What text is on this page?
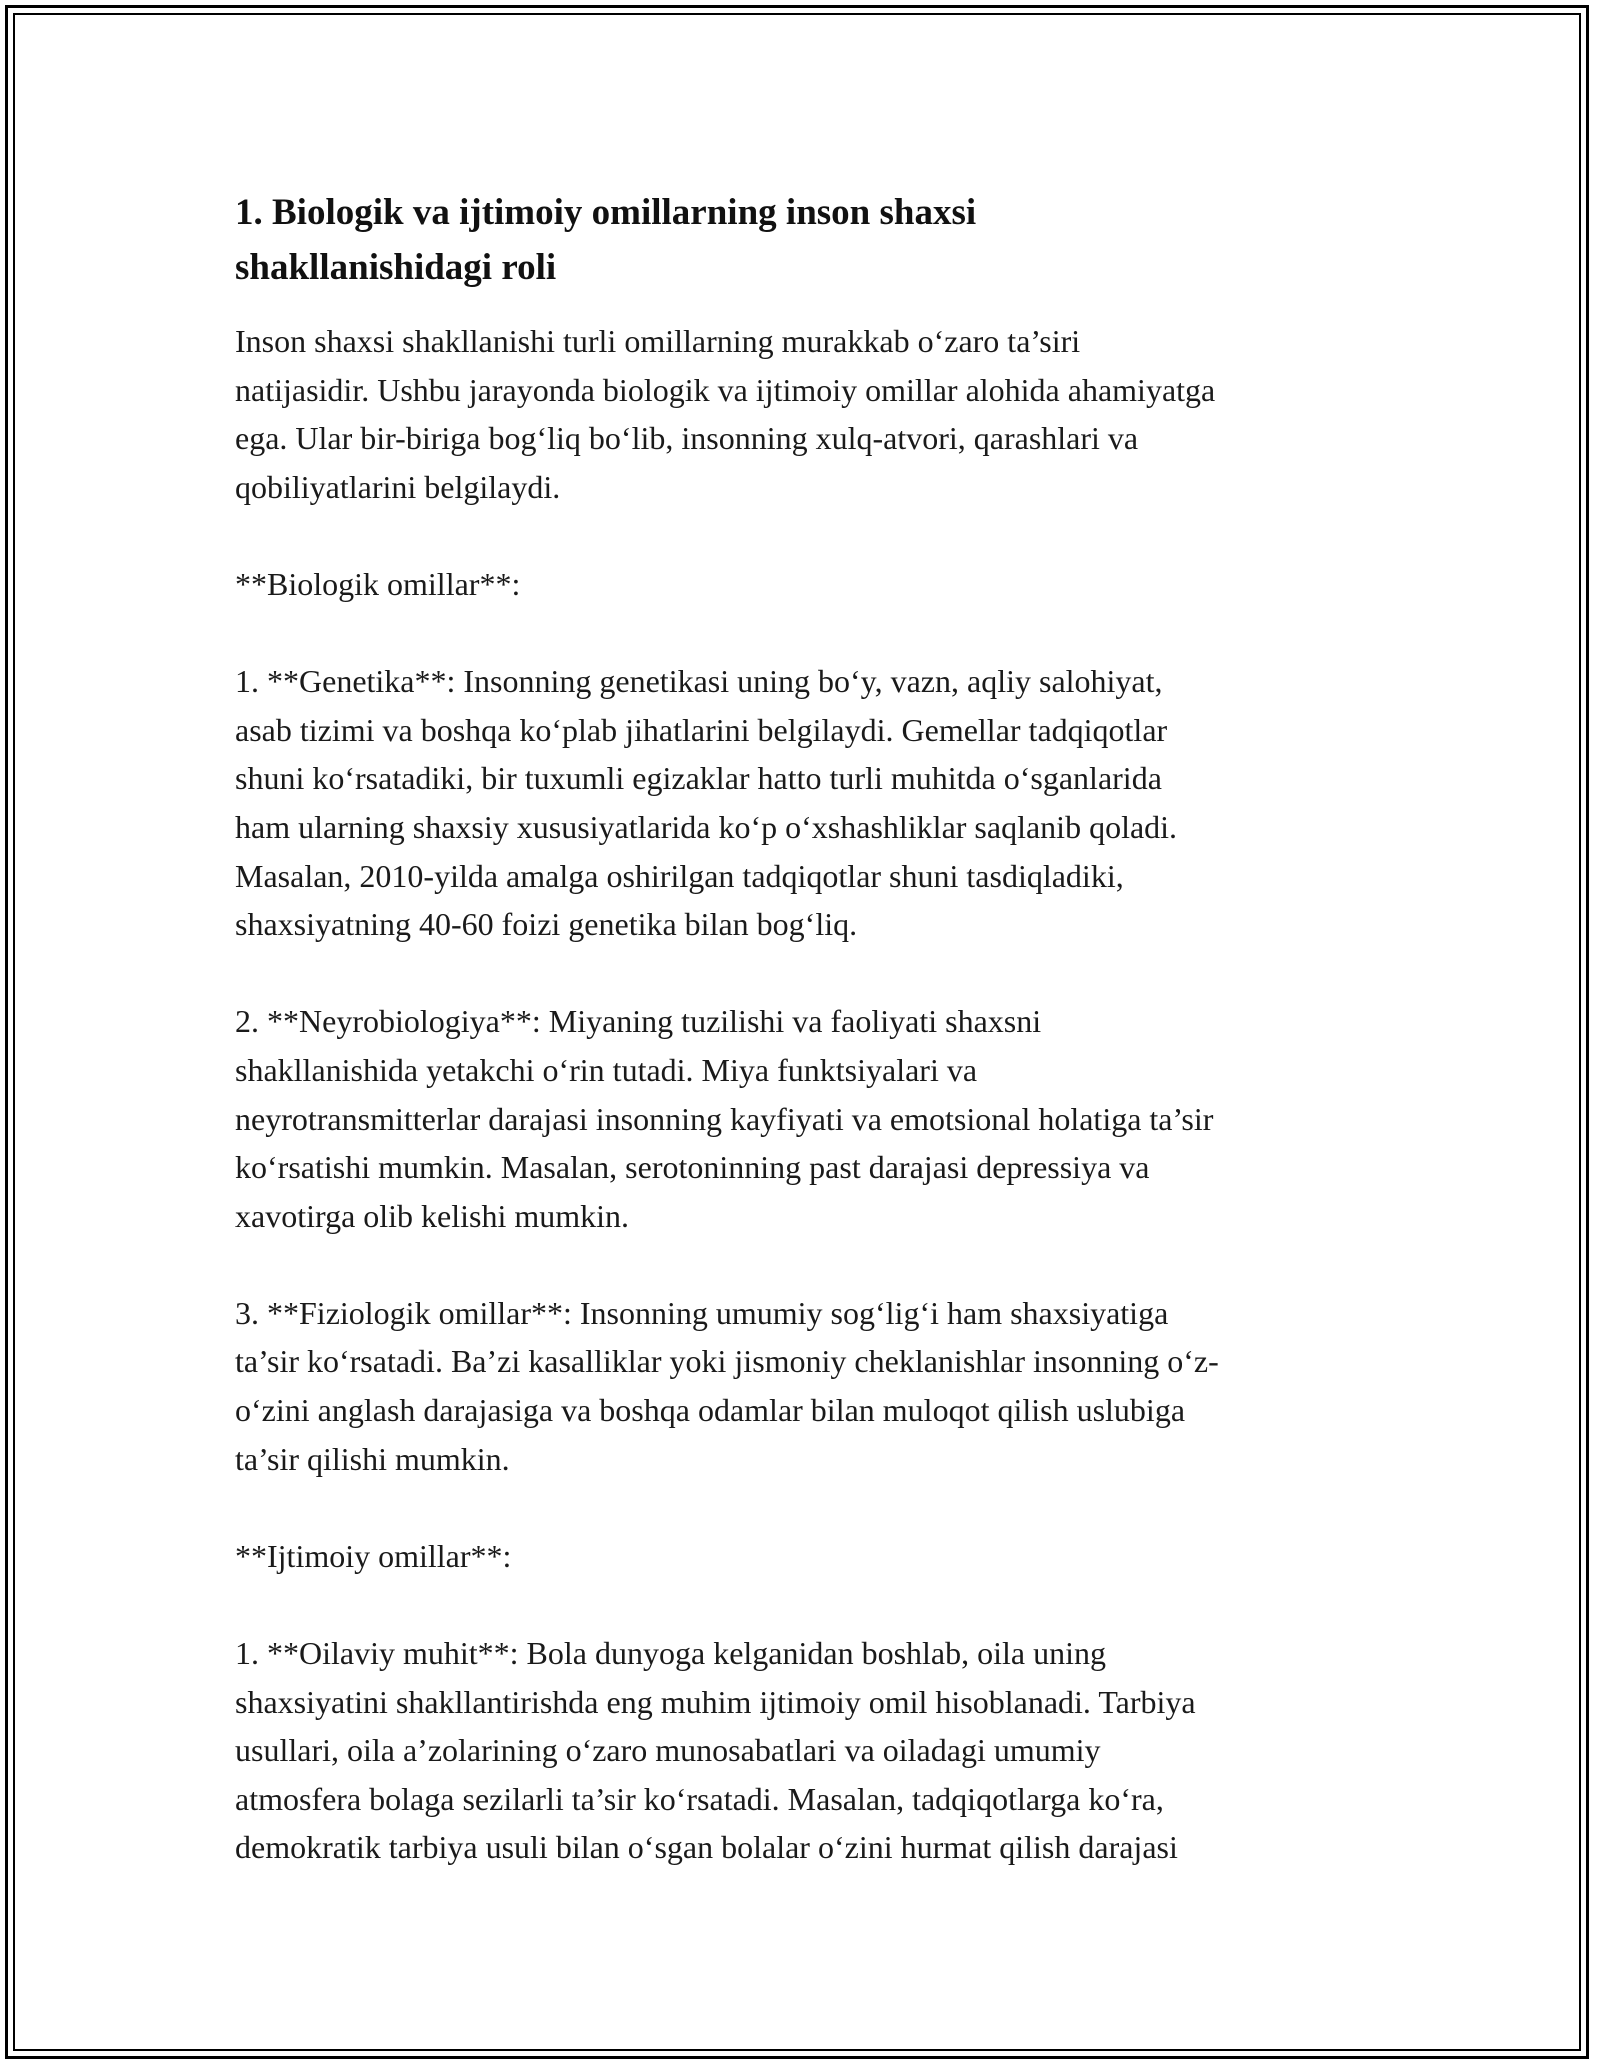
1. Biologik va ijtimoiy omillarning inson shaxsi
shakllanishidagi roli

Inson shaxsi shakllanishi turli omillarning murakkab o‘zaro ta’siri
natijasidir. Ushbu jarayonda biologik va ijtimoiy omillar alohida ahamiyatga
ega. Ular bir-biriga bog‘liq bo‘lib, insonning xulq-atvori, qarashlari va
qobiliyatlarini belgilaydi.

**Biologik omillar**:

1. **Genetika**: Insonning genetikasi uning bo‘y, vazn, aqliy salohiyat,
asab tizimi va boshqa ko‘plab jihatlarini belgilaydi. Gemellar tadqiqotlar
shuni ko‘rsatadiki, bir tuxumli egizaklar hatto turli muhitda o‘sganlarida
ham ularning shaxsiy xususiyatlarida ko‘p o‘xshashliklar saqlanib qoladi.
Masalan, 2010-yilda amalga oshirilgan tadqiqotlar shuni tasdiqladiki,
shaxsiyatning 40-60 foizi genetika bilan bog‘liq.

2. **Neyrobiologiya**: Miyaning tuzilishi va faoliyati shaxsni
shakllanishida yetakchi o‘rin tutadi. Miya funktsiyalari va
neyrotransmitterlar darajasi insonning kayfiyati va emotsional holatiga ta’sir
ko‘rsatishi mumkin. Masalan, serotoninning past darajasi depressiya va
xavotirga olib kelishi mumkin.

3. **Fiziologik omillar**: Insonning umumiy sog‘lig‘i ham shaxsiyatiga
ta’sir ko‘rsatadi. Ba’zi kasalliklar yoki jismoniy cheklanishlar insonning o‘z-
o‘zini anglash darajasiga va boshqa odamlar bilan muloqot qilish uslubiga
ta’sir qilishi mumkin.

**Ijtimoiy omillar**:

1. **Oilaviy muhit**: Bola dunyoga kelganidan boshlab, oila uning
shaxsiyatini shakllantirishda eng muhim ijtimoiy omil hisoblanadi. Tarbiya
usullari, oila a’zolarining o‘zaro munosabatlari va oiladagi umumiy
atmosfera bolaga sezilarli ta’sir ko‘rsatadi. Masalan, tadqiqotlarga ko‘ra,
demokratik tarbiya usuli bilan o‘sgan bolalar o‘zini hurmat qilish darajasi
